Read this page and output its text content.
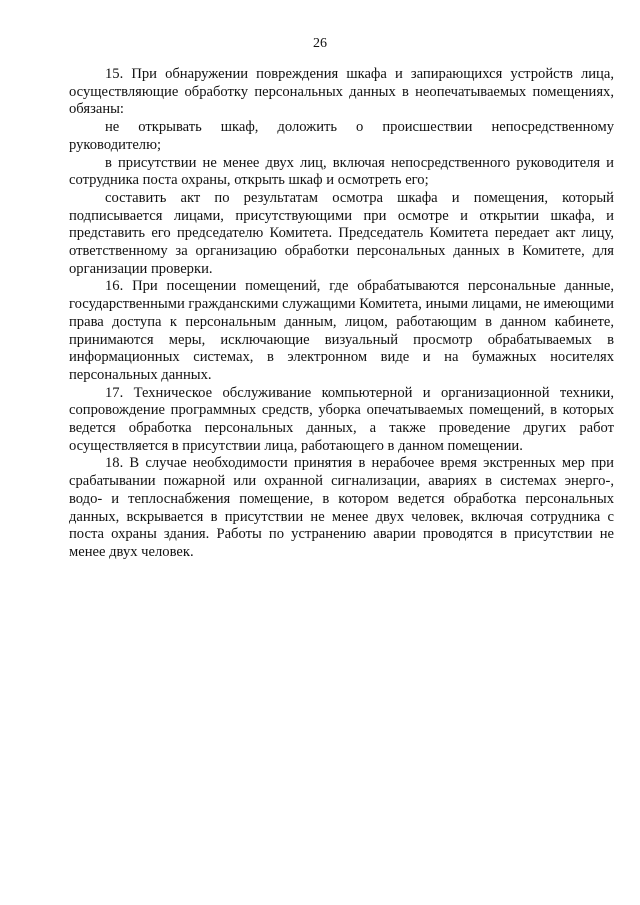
26

15. При обнаружении повреждения шкафа и запирающихся устройств лица, осуществляющие обработку персональных данных в неопечатываемых помещениях, обязаны:

не открывать шкаф, доложить о происшествии непосредственному руководителю;

в присутствии не менее двух лиц, включая непосредственного руководителя и сотрудника поста охраны, открыть шкаф и осмотреть его;

составить акт по результатам осмотра шкафа и помещения, который подписывается лицами, присутствующими при осмотре и открытии шкафа, и представить его председателю Комитета. Председатель Комитета передает акт лицу, ответственному за организацию обработки персональных данных в Комитете, для организации проверки.

16. При посещении помещений, где обрабатываются персональные данные, государственными гражданскими служащими Комитета, иными лицами, не имеющими права доступа к персональным данным, лицом, работающим в данном кабинете, принимаются меры, исключающие визуальный просмотр обрабатываемых в информационных системах, в электронном виде и на бумажных носителях персональных данных.

17. Техническое обслуживание компьютерной и организационной техники, сопровождение программных средств, уборка опечатываемых помещений, в которых ведется обработка персональных данных, а также проведение других работ осуществляется в присутствии лица, работающего в данном помещении.

18. В случае необходимости принятия в нерабочее время экстренных мер при срабатывании пожарной или охранной сигнализации, авариях в системах энерго-, водо- и теплоснабжения помещение, в котором ведется обработка персональных данных, вскрывается в присутствии не менее двух человек, включая сотрудника с поста охраны здания. Работы по устранению аварии проводятся в присутствии не менее двух человек.
